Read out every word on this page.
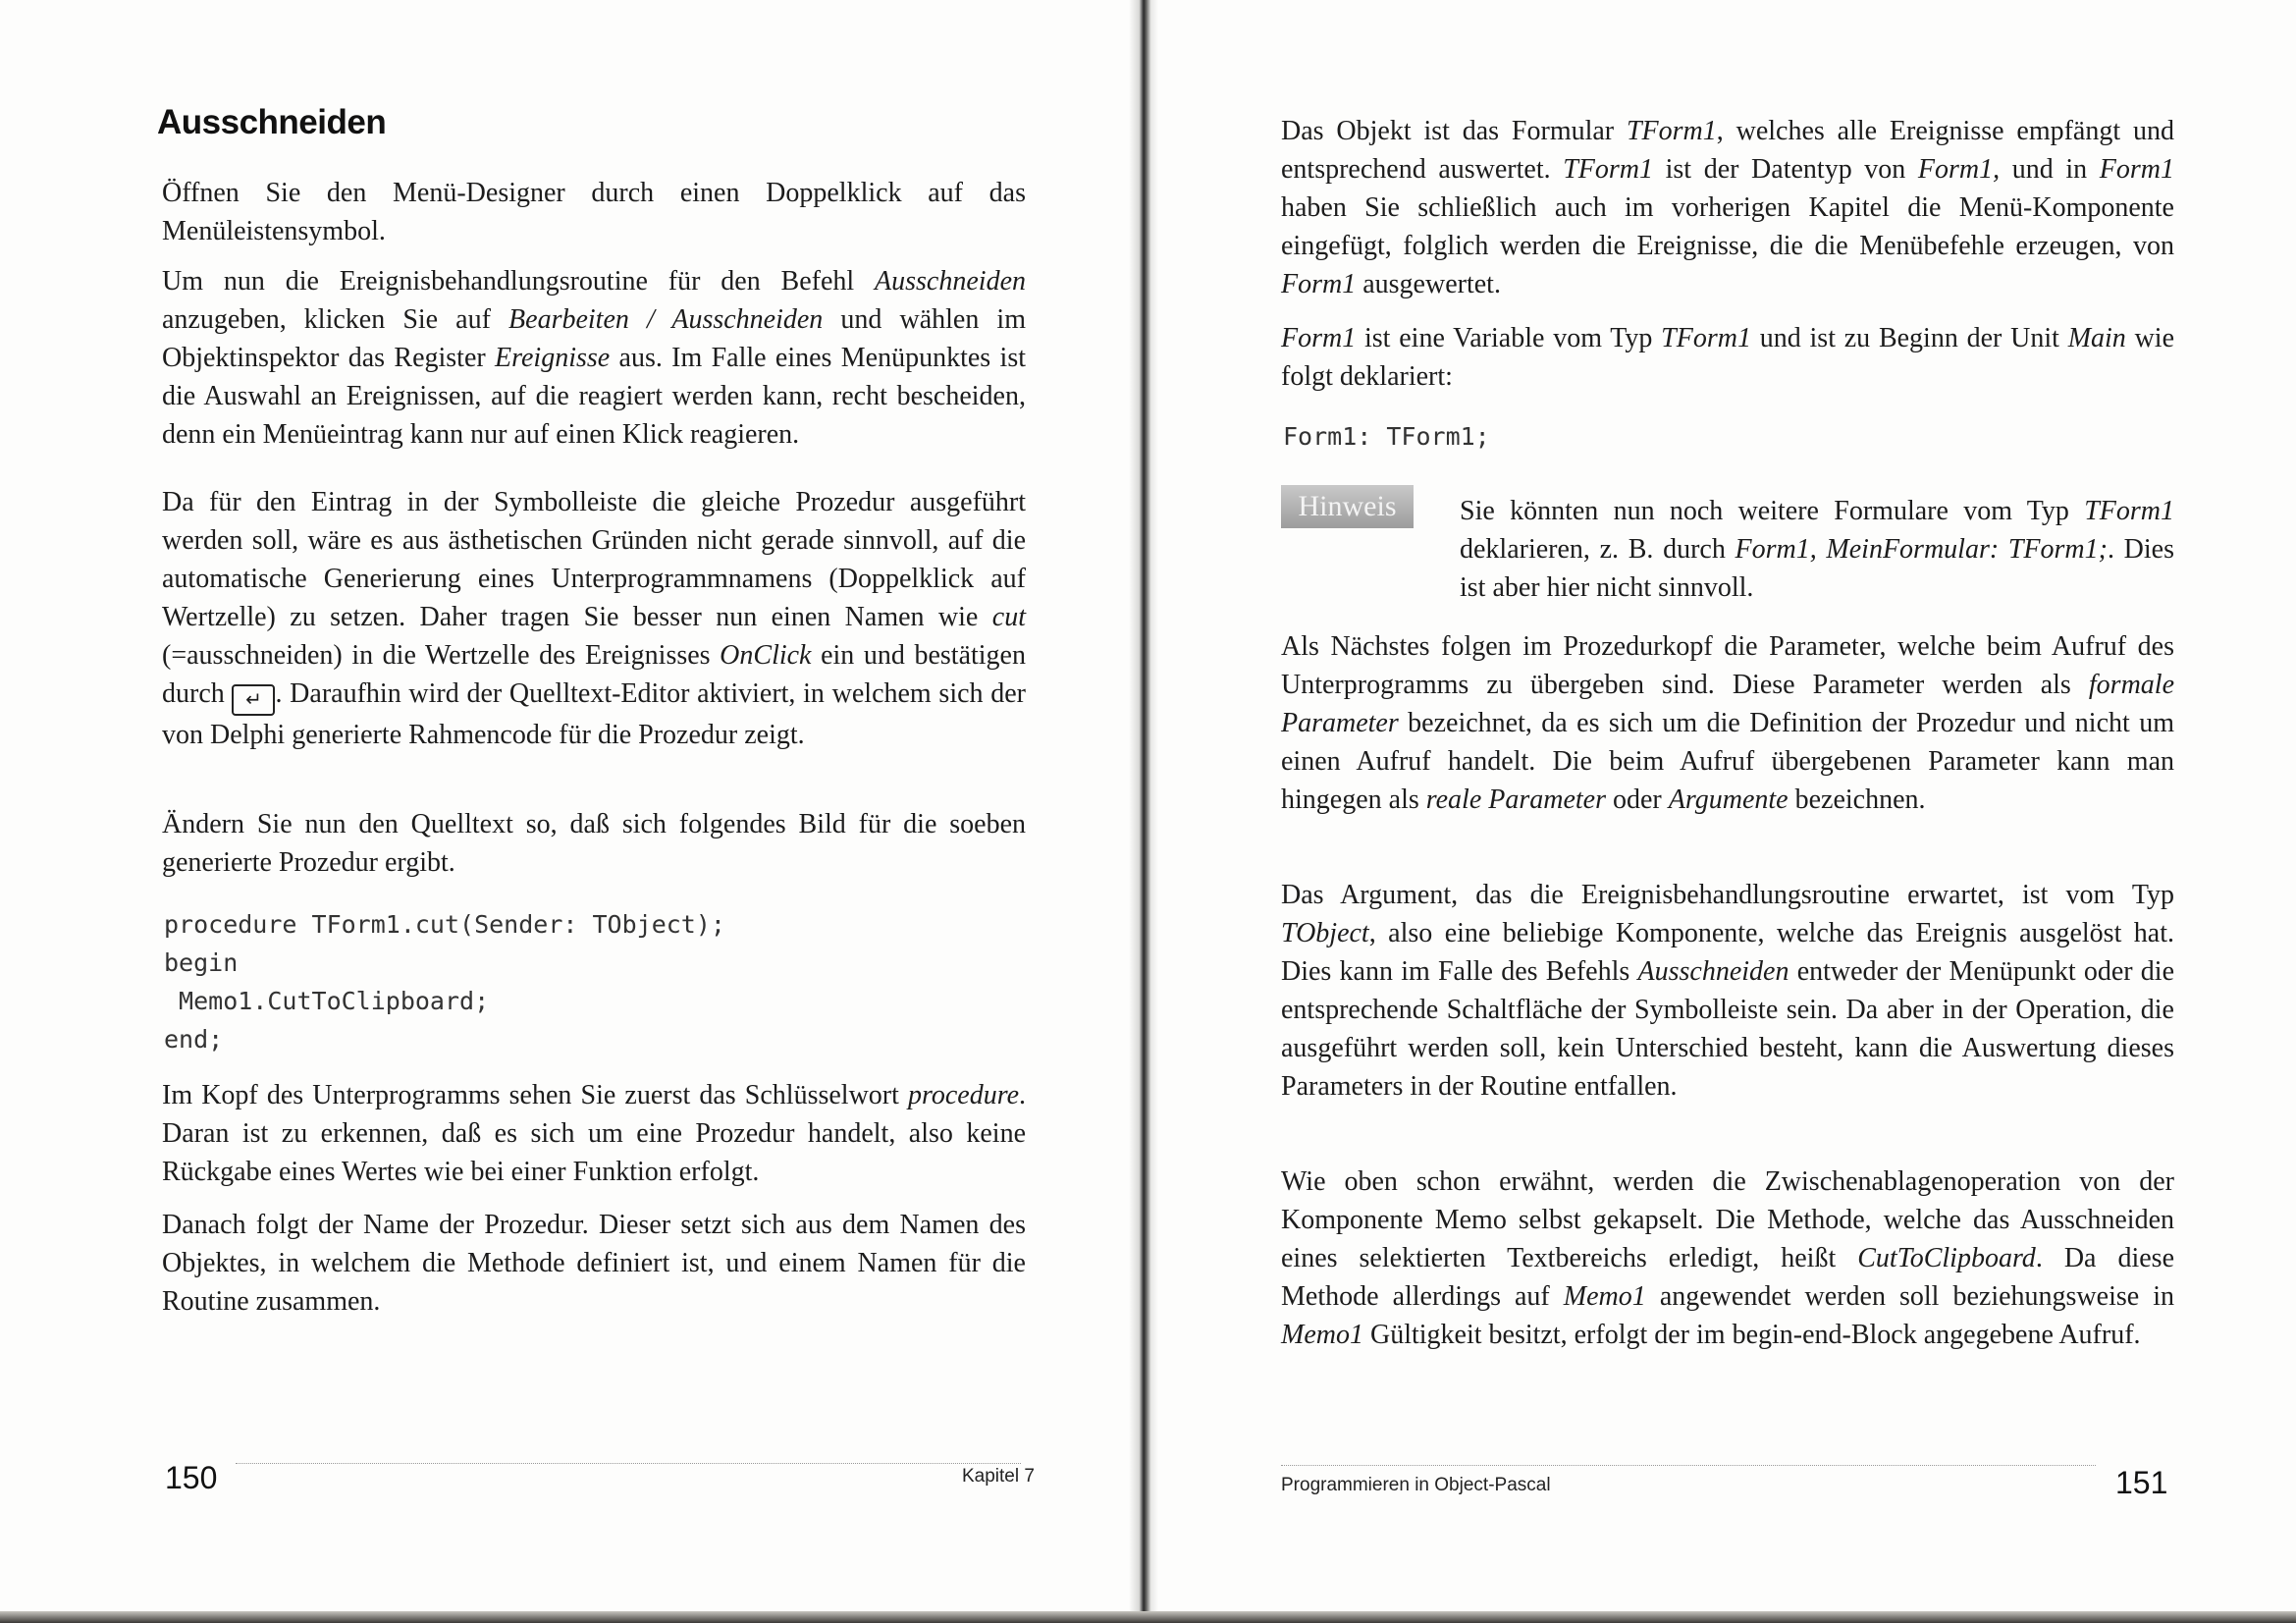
Ausschneiden

Öffnen Sie den Menü-Designer durch einen Doppelklick auf das Menüleistensymbol.

Um nun die Ereignisbehandlungsroutine für den Befehl Ausschneiden anzugeben, klicken Sie auf Bearbeiten / Ausschneiden und wählen im Objektinspektor das Register Ereignisse aus. Im Falle eines Menüpunktes ist die Auswahl an Ereignissen, auf die reagiert werden kann, recht bescheiden, denn ein Menüeintrag kann nur auf einen Klick reagieren.

Da für den Eintrag in der Symbolleiste die gleiche Prozedur ausgeführt werden soll, wäre es aus ästhetischen Gründen nicht gerade sinnvoll, auf die automatische Generierung eines Unterprogrammnamens (Doppelklick auf Wertzelle) zu setzen. Daher tragen Sie besser nun einen Namen wie cut (=ausschneiden) in die Wertzelle des Ereignisses OnClick ein und bestätigen durch ↵ . Daraufhin wird der Quelltext-Editor aktiviert, in welchem sich der von Delphi generierte Rahmencode für die Prozedur zeigt.

Ändern Sie nun den Quelltext so, daß sich folgendes Bild für die soeben generierte Prozedur ergibt.

procedure TForm1.cut(Sender: TObject);
begin
Memo1.CutToClipboard;
end;

Im Kopf des Unterprogramms sehen Sie zuerst das Schlüsselwort procedure. Daran ist zu erkennen, daß es sich um eine Prozedur handelt, also keine Rückgabe eines Wertes wie bei einer Funktion erfolgt.

Danach folgt der Name der Prozedur. Dieser setzt sich aus dem Namen des Objektes, in welchem die Methode definiert ist, und einem Namen für die Routine zusammen.

150	Kapitel 7

Das Objekt ist das Formular TForm1, welches alle Ereignisse empfängt und entsprechend auswertet. TForm1 ist der Datentyp von Form1, und in Form1 haben Sie schließlich auch im vorherigen Kapitel die Menü-Komponente eingefügt, folglich werden die Ereignisse, die die Menübefehle erzeugen, von Form1 ausgewertet.

Form1 ist eine Variable vom Typ TForm1 und ist zu Beginn der Unit Main wie folgt deklariert:

Form1: TForm1;

Sie könnten nun noch weitere Formulare vom Typ TForm1 deklarieren, z. B. durch Form1, MeinFormular: TForm1;. Dies ist aber hier nicht sinnvoll.

Als Nächstes folgen im Prozedurkopf die Parameter, welche beim Aufruf des Unterprogramms zu übergeben sind. Diese Parameter werden als formale Parameter bezeichnet, da es sich um die Definition der Prozedur und nicht um einen Aufruf handelt. Die beim Aufruf übergebenen Parameter kann man hingegen als reale Parameter oder Argumente bezeichnen.

Das Argument, das die Ereignisbehandlungsroutine erwartet, ist vom Typ TObject, also eine beliebige Komponente, welche das Ereignis ausgelöst hat. Dies kann im Falle des Befehls Ausschneiden entweder der Menüpunkt oder die entsprechende Schaltfläche der Symbolleiste sein. Da aber in der Operation, die ausgeführt werden soll, kein Unterschied besteht, kann die Auswertung dieses Parameters in der Routine entfallen.

Wie oben schon erwähnt, werden die Zwischenablagenoperation von der Komponente Memo selbst gekapselt. Die Methode, welche das Ausschneiden eines selektierten Textbereichs erledigt, heißt CutToClipboard. Da diese Methode allerdings auf Memo1 angewendet werden soll beziehungsweise in Memo1 Gültigkeit besitzt, erfolgt der im begin-end-Block angegebene Aufruf.

Programmieren in Object-Pascal	151
Hinweis
